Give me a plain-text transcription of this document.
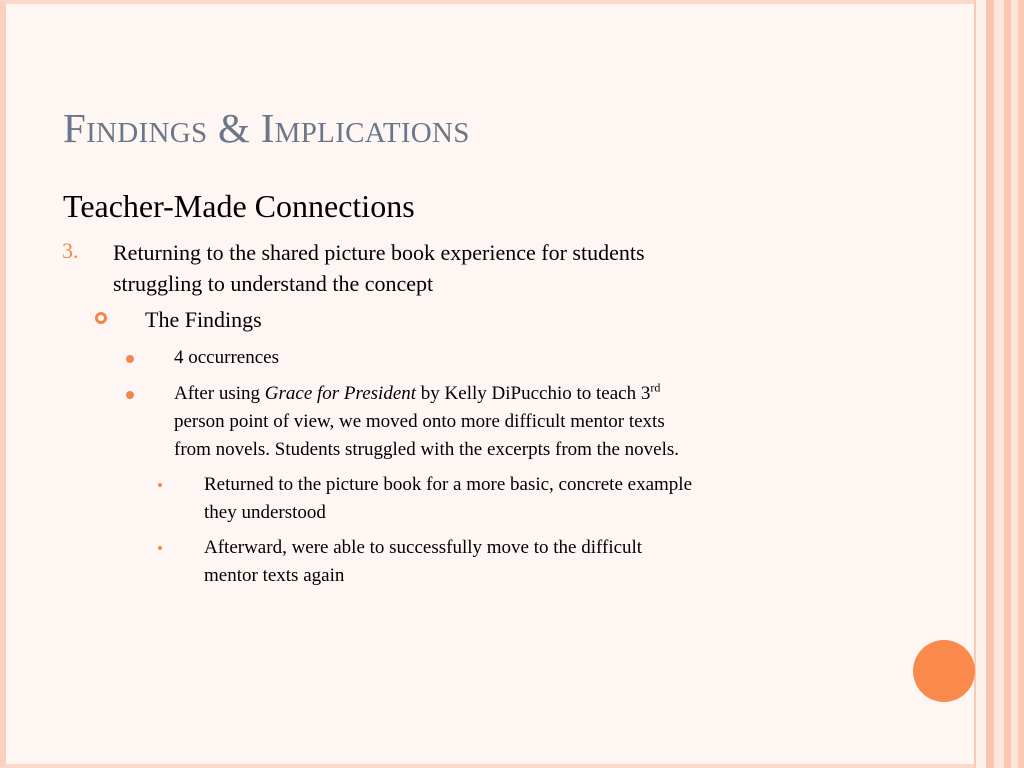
Findings & Implications
Teacher-Made Connections
3. Returning to the shared picture book experience for students
struggling to understand the concept
The Findings
4 occurrences
After using Grace for President by Kelly DiPucchio to teach 3rd
person point of view, we moved onto more difficult mentor texts
from novels. Students struggled with the excerpts from the novels.
Returned to the picture book for a more basic, concrete example
they understood
Afterward, were able to successfully move to the difficult
mentor texts again
